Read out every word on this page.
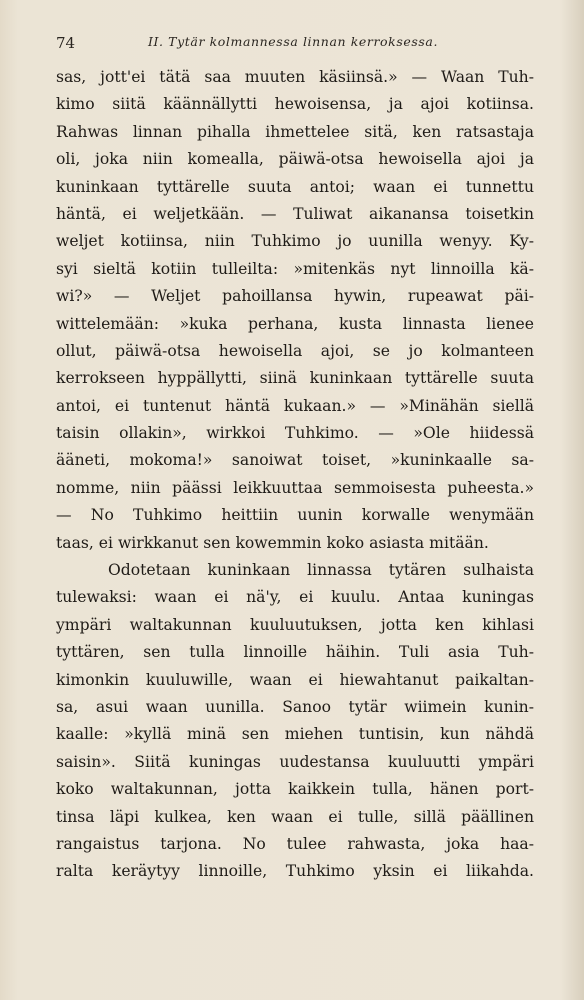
74	II. Tytär kolmannessa linnan kerroksessa.
sas, jott'ei tätä saa muuten käsiinsä.» — Waan Tuh-
kimo siitä käännällytti hewoisensa, ja ajoi kotiinsa.
Rahwas linnan pihalla ihmettelee sitä, ken ratsastaja
oli, joka niin komealla, päiwä-otsa hewoisella ajoi ja
kuninkaan tyttärelle suuta antoi; waan ei tunnettu
häntä, ei weljetkään. — Tuliwat aikanansa toisetkin
weljet kotiinsa, niin Tuhkimo jo uunilla wenyy. Ky-
syi sieltä kotiin tulleilta: »mitenkäs nyt linnoilla kä-
wi?» — Weljet pahoillansa hywin, rupeawat päi-
wittelemään: »kuka perhana, kusta linnasta lienee
ollut, päiwä-otsa hewoisella ajoi, se jo kolmanteen
kerrokseen hyppällytti, siinä kuninkaan tyttärelle suuta
antoi, ei tuntenut häntä kukaan.» — »Minähän siellä
taisin ollakin», wirkkoi Tuhkimo. — »Ole hiidessä
ääneti, mokoma!» sanoiwat toiset, »kuninkaalle sa-
nomme, niin päässi leikkuuttaa semmoisesta puheesta.»
— No Tuhkimo heittiin uunin korwalle wenymään
taas, ei wirkkanut sen kowemmin koko asiasta mitään.
Odotetaan kuninkaan linnassa tytären sulhaista
tulewaksi: waan ei nä'y, ei kuulu. Antaa kuningas
ympäri waltakunnan kuuluutuksen, jotta ken kihlasi
tyttären, sen tulla linnoille häihin. Tuli asia Tuh-
kimonkin kuuluwille, waan ei hiewahtanut paikaltan-
sa, asui waan uunilla. Sanoo tytär wiimein kunin-
kaalle: »kyllä minä sen miehen tuntisin, kun nähdä
saisin». Siitä kuningas uudestansa kuuluutti ympäri
koko waltakunnan, jotta kaikkein tulla, hänen port-
tinsa läpi kulkea, ken waan ei tulle, sillä päällinen
rangaistus tarjona. No tulee rahwasta, joka haa-
ralta keräytyy linnoille, Tuhkimo yksin ei liikahda.
